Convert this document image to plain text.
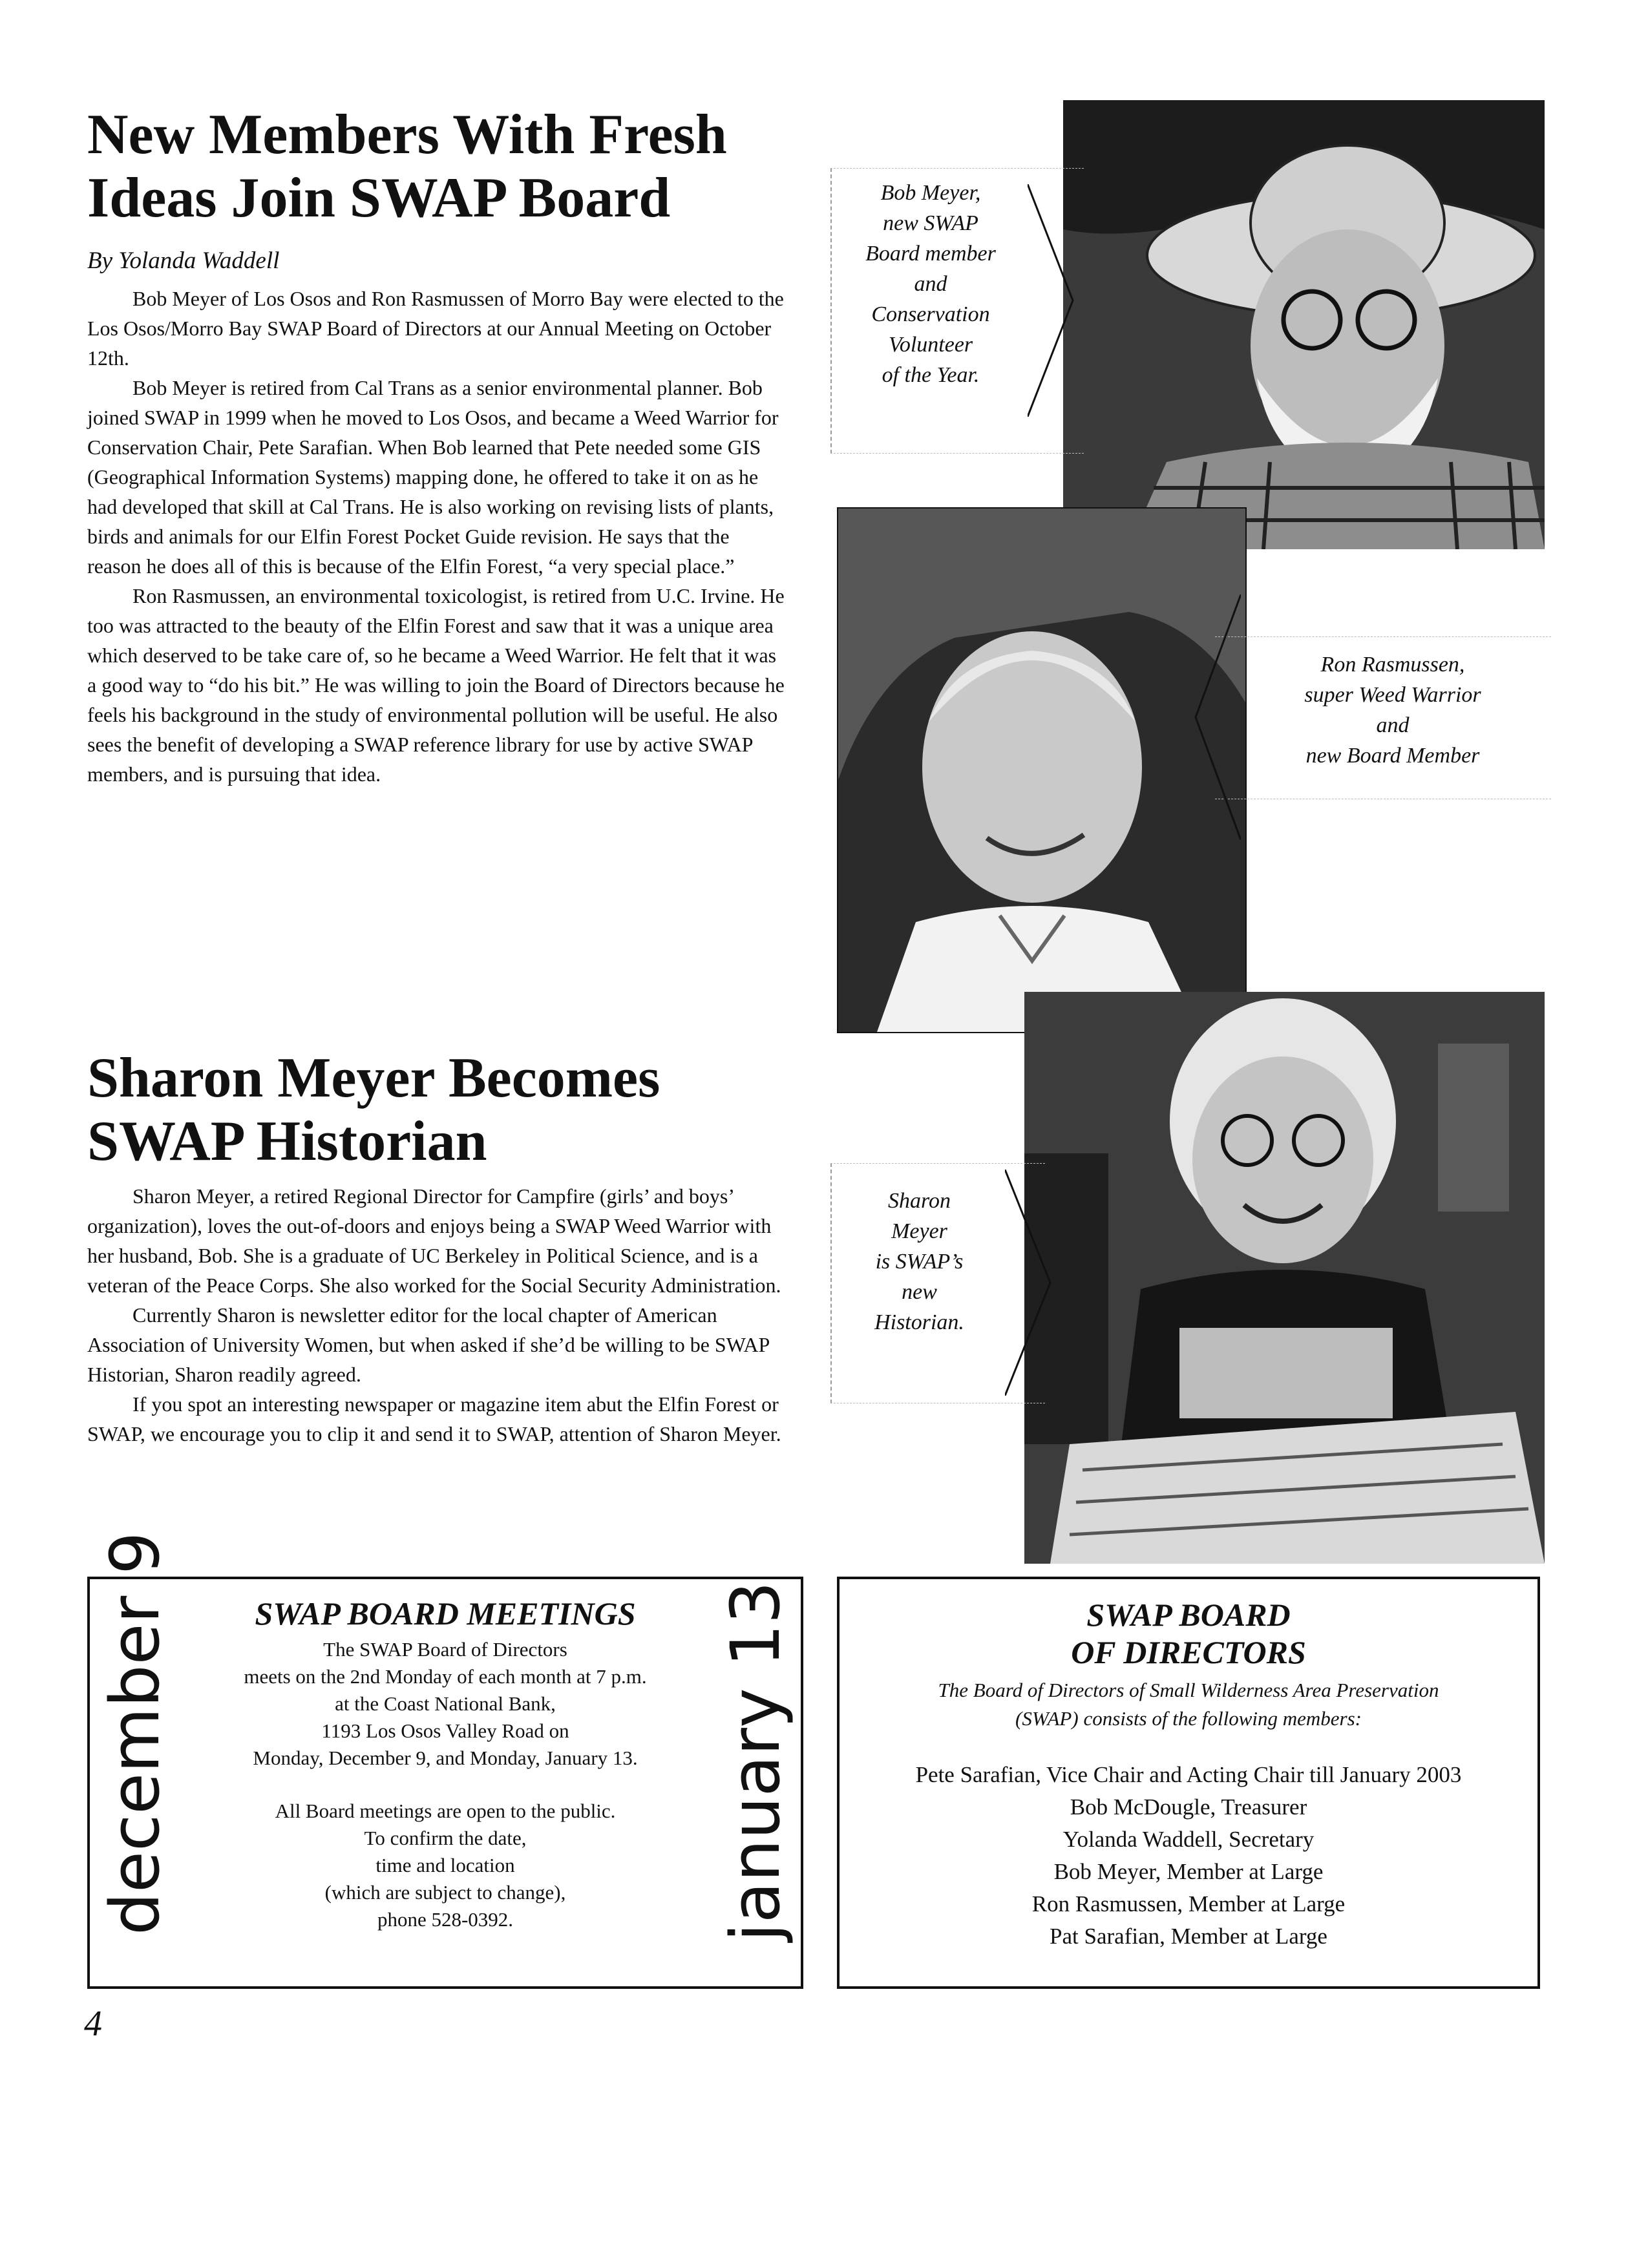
New Members With Fresh
Ideas Join SWAP Board
By Yolanda Waddell

Bob Meyer of Los Osos and Ron Rasmussen of Morro Bay were elected to the Los Osos/Morro Bay SWAP Board of Directors at our Annual Meeting on October 12th.

Bob Meyer is retired from Cal Trans as a senior environmental planner. Bob joined SWAP in 1999 when he moved to Los Osos, and became a Weed Warrior for Conservation Chair, Pete Sarafian. When Bob learned that Pete needed some GIS (Geographical Information Systems) mapping done, he offered to take it on as he had developed that skill at Cal Trans. He is also working on revising lists of plants, birds and animals for our Elfin Forest Pocket Guide revision. He says that the reason he does all of this is because of the Elfin Forest, “a very special place.”

Ron Rasmussen, an environmental toxicologist, is retired from U.C. Irvine. He too was attracted to the beauty of the Elfin Forest and saw that it was a unique area which deserved to be take care of, so he became a Weed Warrior. He felt that it was a good way to “do his bit.” He was willing to join the Board of Directors because he feels his background in the study of environmental pollution will be useful. He also sees the benefit of developing a SWAP reference library for use by active SWAP members, and is pursuing that idea.

Bob Meyer,
new SWAP
Board member
and
Conservation
Volunteer
of the Year.
Ron Rasmussen,
super Weed Warrior
and
new Board Member
Sharon
Meyer
is SWAP’s
new
Historian.
Sharon Meyer Becomes
SWAP Historian

Sharon Meyer, a retired Regional Director for Campfire (girls’ and boys’ organization), loves the out-of-doors and enjoys being a SWAP Weed Warrior with her husband, Bob. She is a graduate of UC Berkeley in Political Science, and is a veteran of the Peace Corps. She also worked for the Social Security Administration.

Currently Sharon is newsletter editor for the local chapter of American Association of University Women, but when asked if she’d be willing to be SWAP Historian, Sharon readily agreed.

If you spot an interesting newspaper or magazine item abut the Elfin Forest or SWAP, we encourage you to clip it and send it to SWAP, attention of Sharon Meyer.

SWAP BOARD MEETINGS

The SWAP Board of Directors

meets on the 2nd Monday of each month at 7 p.m.

at the Coast National Bank,

1193 Los Osos Valley Road on

Monday, December 9, and Monday, January 13.

All Board meetings are open to the public.

To confirm the date,

time and location

(which are subject to change),

phone 528-0392.

december 9	january 13	SWAP BOARD
OF DIRECTORS

The Board of Directors of Small Wilderness Area Preservation
(SWAP) consists of the following members:

Pete Sarafian, Vice Chair and Acting Chair till January 2003

Bob McDougle, Treasurer

Yolanda Waddell, Secretary

Bob Meyer, Member at Large

Ron Rasmussen, Member at Large

Pat Sarafian, Member at Large

4
